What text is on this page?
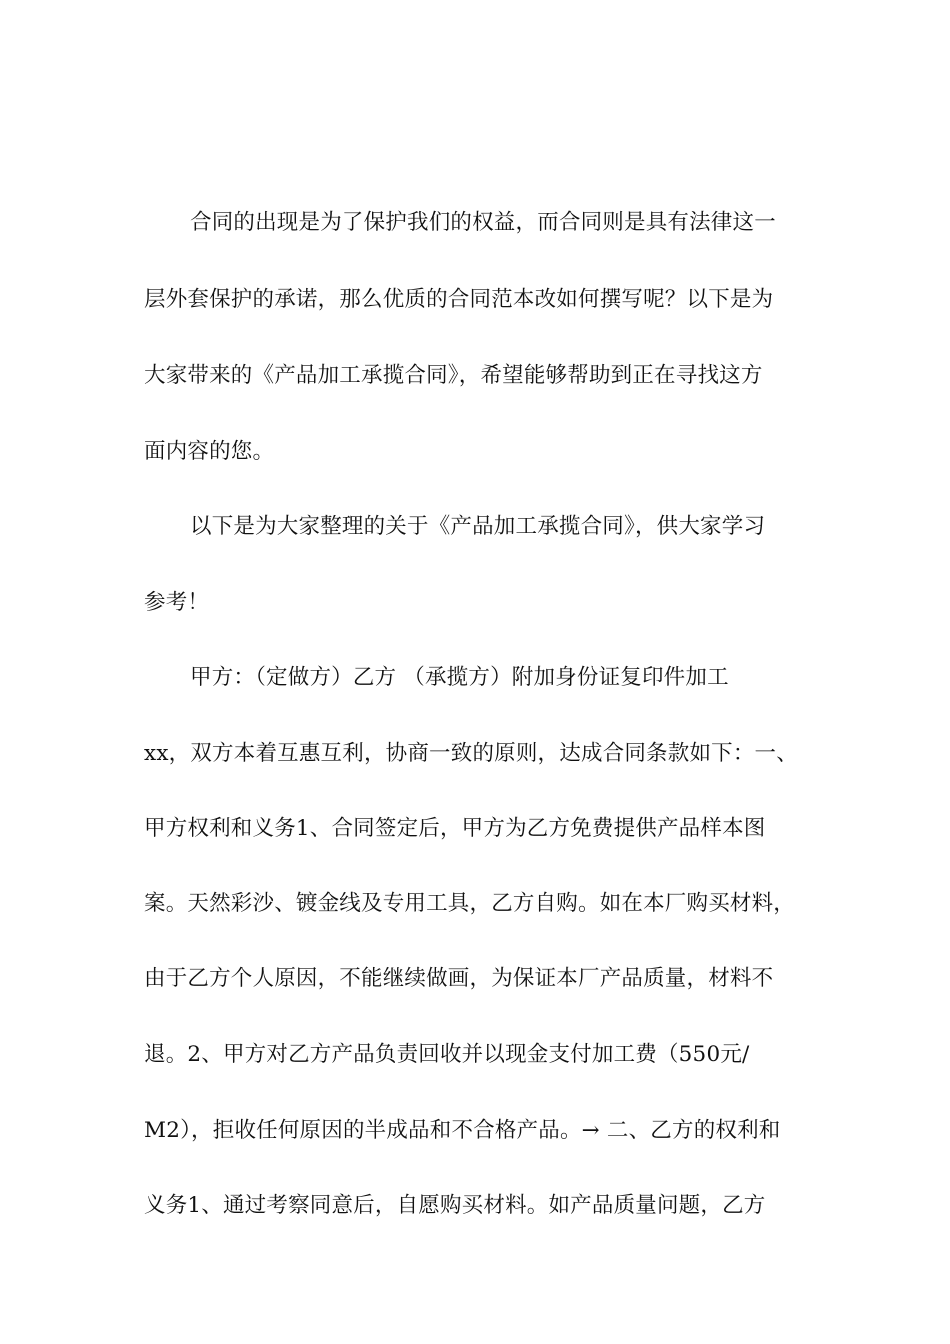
合同的出现是为了保护我们的权益，而合同则是具有法律这一
层外套保护的承诺，那么优质的合同范本改如何撰写呢？以下是为
大家带来的《产品加工承揽合同》，希望能够帮助到正在寻找这方
面内容的您。
以下是为大家整理的关于《产品加工承揽合同》，供大家学习
参考！
甲方：（定做方）乙方 （承揽方）附加身份证复印件加工
xx，双方本着互惠互利，协商一致的原则，达成合同条款如下：一、
甲方权利和义务1、合同签定后，甲方为乙方免费提供产品样本图
案。天然彩沙、镀金线及专用工具，乙方自购。如在本厂购买材料，
由于乙方个人原因，不能继续做画，为保证本厂产品质量，材料不
退。2、甲方对乙方产品负责回收并以现金支付加工费（550元/
M2），拒收任何原因的半成品和不合格产品。→ 二、乙方的权利和
义务1、通过考察同意后，自愿购买材料。如产品质量问题，乙方
